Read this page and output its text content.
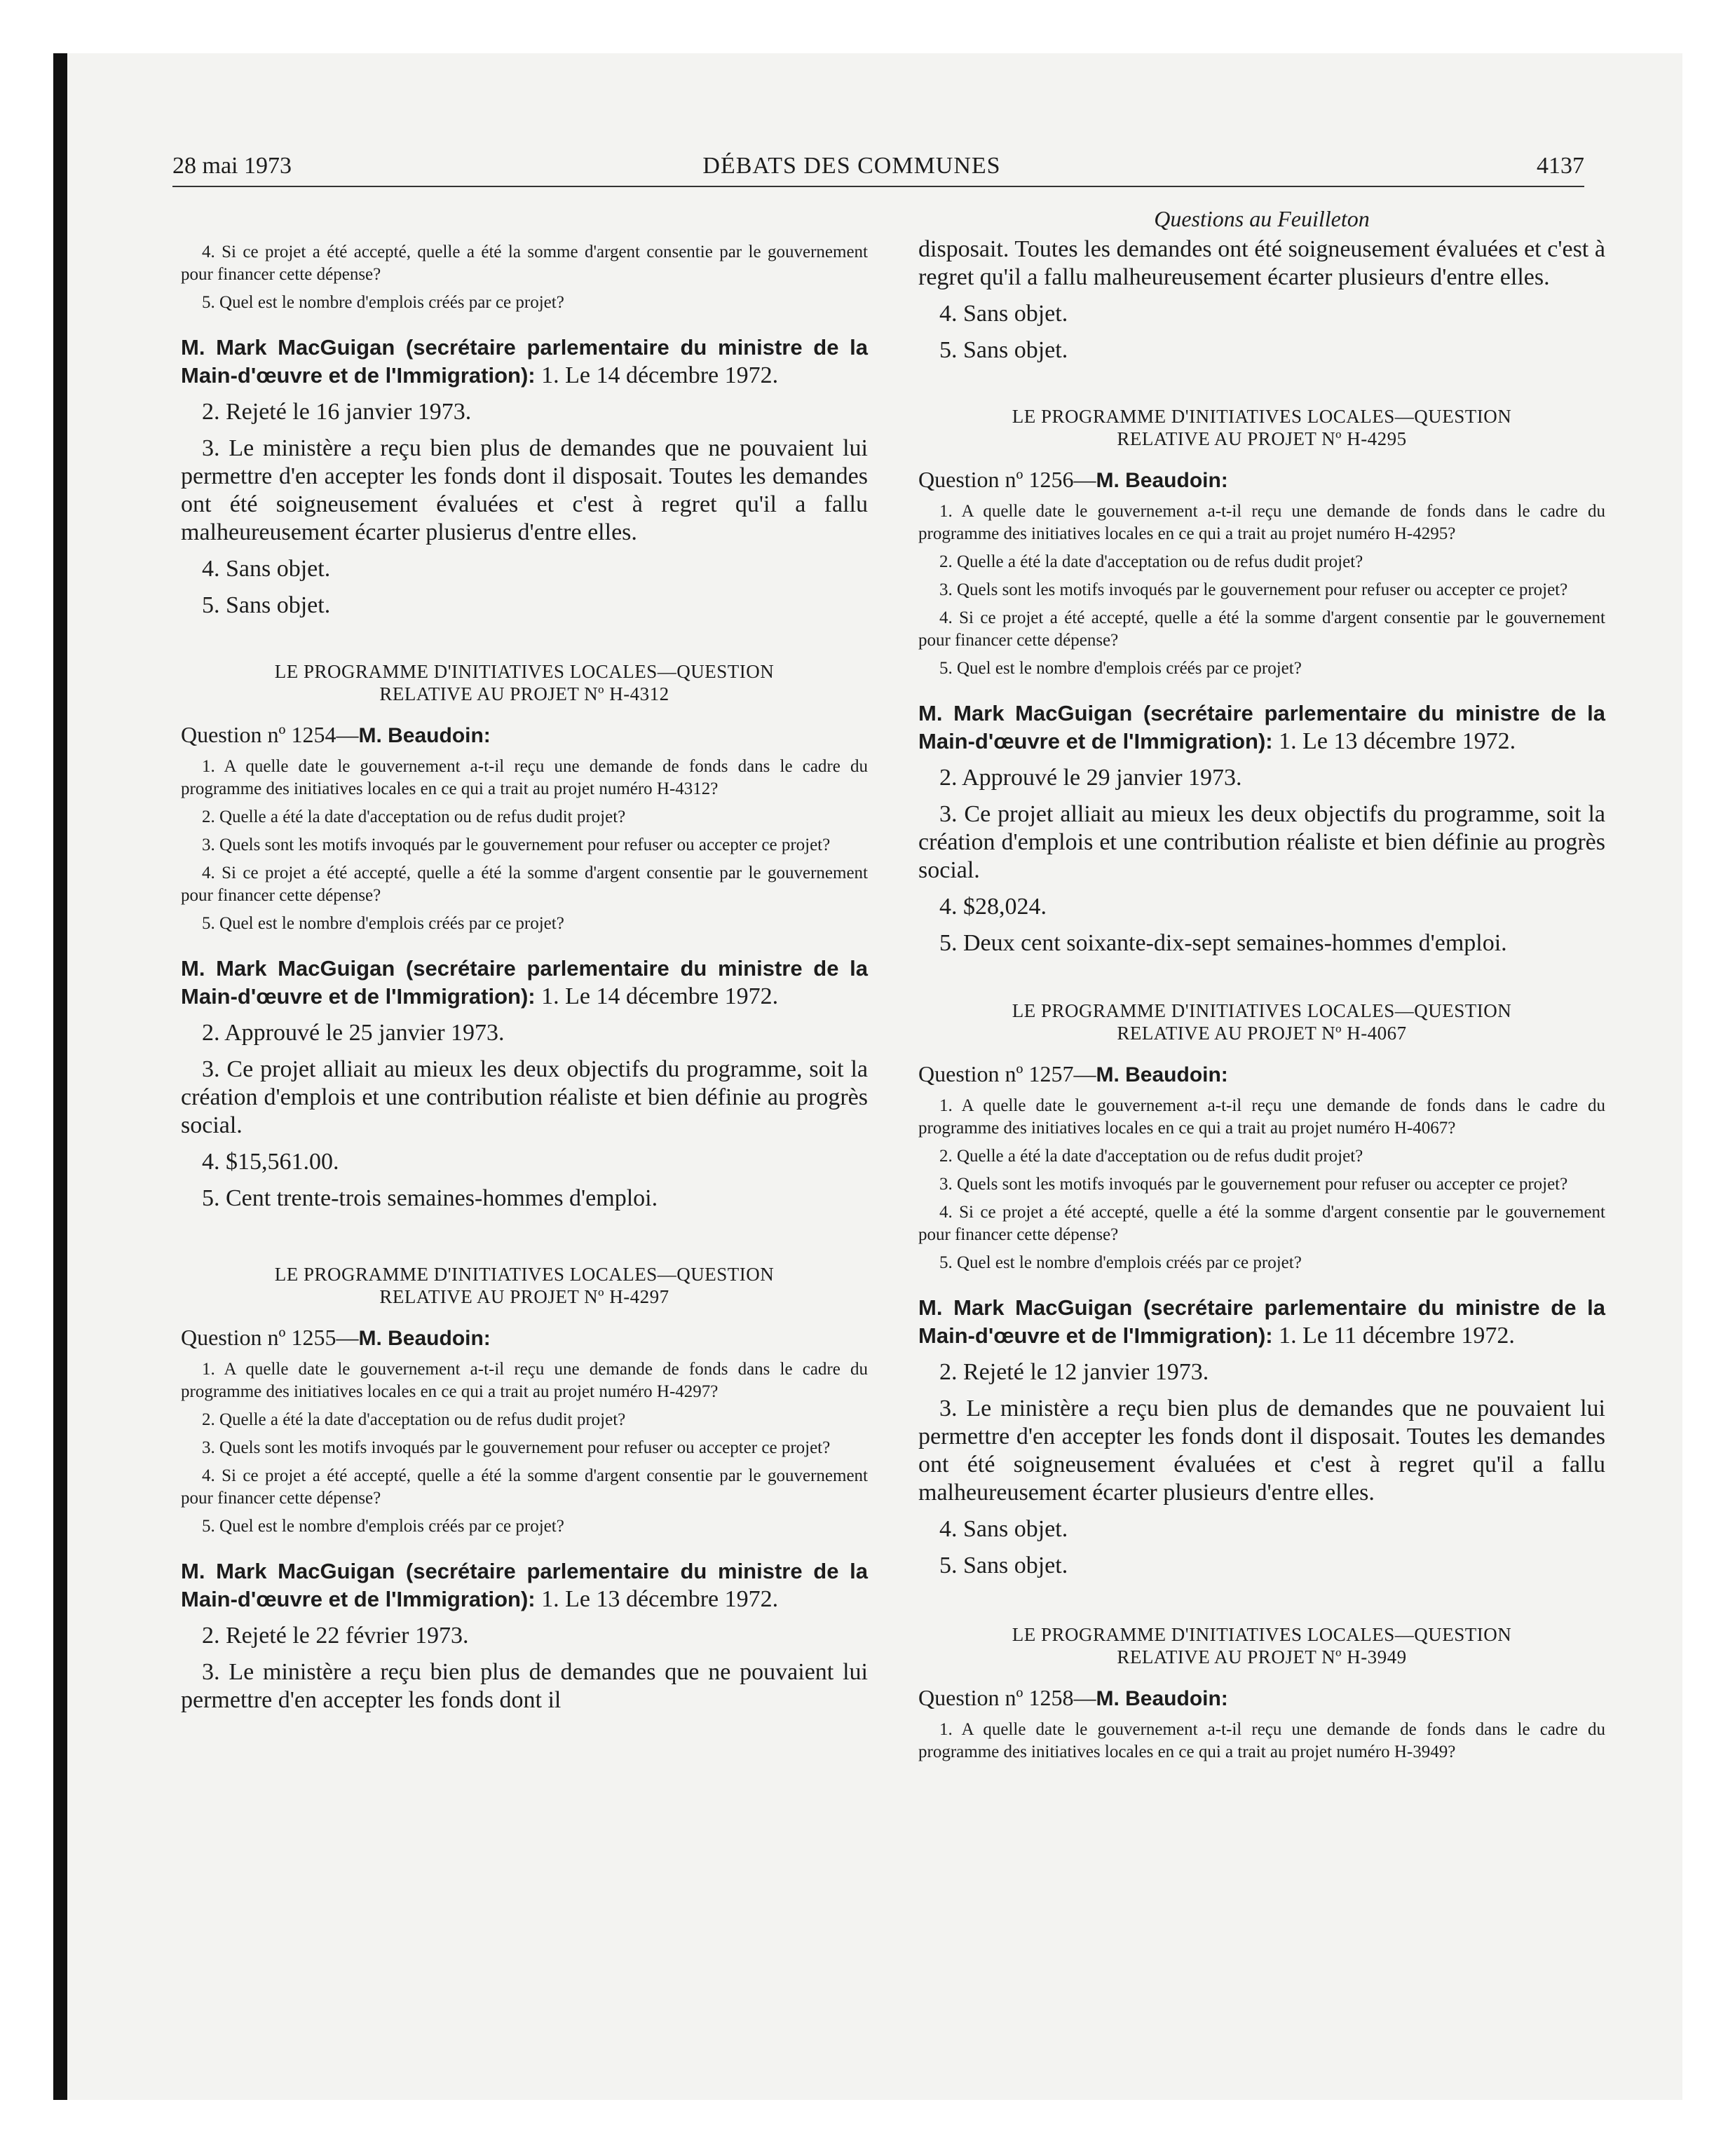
28 mai 1973	DÉBATS DES COMMUNES	4137

4. Si ce projet a été accepté, quelle a été la somme d'argent consentie par le gouvernement pour financer cette dépense?

5. Quel est le nombre d'emplois créés par ce projet?

M. Mark MacGuigan (secrétaire parlementaire du ministre de la Main-d'œuvre et de l'Immigration): 1. Le 14 décembre 1972.

2. Rejeté le 16 janvier 1973.

3. Le ministère a reçu bien plus de demandes que ne pouvaient lui permettre d'en accepter les fonds dont il disposait. Toutes les demandes ont été soigneusement évaluées et c'est à regret qu'il a fallu malheureusement écarter plusierus d'entre elles.

4. Sans objet.

5. Sans objet.

LE PROGRAMME D'INITIATIVES LOCALES—QUESTION
RELATIVE AU PROJET Nº H-4312

Question nº 1254—M. Beaudoin:

1. A quelle date le gouvernement a-t-il reçu une demande de fonds dans le cadre du programme des initiatives locales en ce qui a trait au projet numéro H-4312?

2. Quelle a été la date d'acceptation ou de refus dudit projet?

3. Quels sont les motifs invoqués par le gouvernement pour refuser ou accepter ce projet?

4. Si ce projet a été accepté, quelle a été la somme d'argent consentie par le gouvernement pour financer cette dépense?

5. Quel est le nombre d'emplois créés par ce projet?

M. Mark MacGuigan (secrétaire parlementaire du ministre de la Main-d'œuvre et de l'Immigration): 1. Le 14 décembre 1972.

2. Approuvé le 25 janvier 1973.

3. Ce projet alliait au mieux les deux objectifs du programme, soit la création d'emplois et une contribution réaliste et bien définie au progrès social.

4. $15,561.00.

5. Cent trente-trois semaines-hommes d'emploi.

LE PROGRAMME D'INITIATIVES LOCALES—QUESTION
RELATIVE AU PROJET Nº H-4297

Question nº 1255—M. Beaudoin:

1. A quelle date le gouvernement a-t-il reçu une demande de fonds dans le cadre du programme des initiatives locales en ce qui a trait au projet numéro H-4297?

2. Quelle a été la date d'acceptation ou de refus dudit projet?

3. Quels sont les motifs invoqués par le gouvernement pour refuser ou accepter ce projet?

4. Si ce projet a été accepté, quelle a été la somme d'argent consentie par le gouvernement pour financer cette dépense?

5. Quel est le nombre d'emplois créés par ce projet?

M. Mark MacGuigan (secrétaire parlementaire du ministre de la Main-d'œuvre et de l'Immigration): 1. Le 13 décembre 1972.

2. Rejeté le 22 février 1973.

3. Le ministère a reçu bien plus de demandes que ne pouvaient lui permettre d'en accepter les fonds dont il

Questions au Feuilleton

disposait. Toutes les demandes ont été soigneusement évaluées et c'est à regret qu'il a fallu malheureusement écarter plusieurs d'entre elles.

4. Sans objet.

5. Sans objet.

LE PROGRAMME D'INITIATIVES LOCALES—QUESTION
RELATIVE AU PROJET Nº H-4295

Question nº 1256—M. Beaudoin:

1. A quelle date le gouvernement a-t-il reçu une demande de fonds dans le cadre du programme des initiatives locales en ce qui a trait au projet numéro H-4295?

2. Quelle a été la date d'acceptation ou de refus dudit projet?

3. Quels sont les motifs invoqués par le gouvernement pour refuser ou accepter ce projet?

4. Si ce projet a été accepté, quelle a été la somme d'argent consentie par le gouvernement pour financer cette dépense?

5. Quel est le nombre d'emplois créés par ce projet?

M. Mark MacGuigan (secrétaire parlementaire du ministre de la Main-d'œuvre et de l'Immigration): 1. Le 13 décembre 1972.

2. Approuvé le 29 janvier 1973.

3. Ce projet alliait au mieux les deux objectifs du programme, soit la création d'emplois et une contribution réaliste et bien définie au progrès social.

4. $28,024.

5. Deux cent soixante-dix-sept semaines-hommes d'emploi.

LE PROGRAMME D'INITIATIVES LOCALES—QUESTION
RELATIVE AU PROJET Nº H-4067

Question nº 1257—M. Beaudoin:

1. A quelle date le gouvernement a-t-il reçu une demande de fonds dans le cadre du programme des initiatives locales en ce qui a trait au projet numéro H-4067?

2. Quelle a été la date d'acceptation ou de refus dudit projet?

3. Quels sont les motifs invoqués par le gouvernement pour refuser ou accepter ce projet?

4. Si ce projet a été accepté, quelle a été la somme d'argent consentie par le gouvernement pour financer cette dépense?

5. Quel est le nombre d'emplois créés par ce projet?

M. Mark MacGuigan (secrétaire parlementaire du ministre de la Main-d'œuvre et de l'Immigration): 1. Le 11 décembre 1972.

2. Rejeté le 12 janvier 1973.

3. Le ministère a reçu bien plus de demandes que ne pouvaient lui permettre d'en accepter les fonds dont il disposait. Toutes les demandes ont été soigneusement évaluées et c'est à regret qu'il a fallu malheureusement écarter plusieurs d'entre elles.

4. Sans objet.

5. Sans objet.

LE PROGRAMME D'INITIATIVES LOCALES—QUESTION
RELATIVE AU PROJET Nº H-3949

Question nº 1258—M. Beaudoin:

1. A quelle date le gouvernement a-t-il reçu une demande de fonds dans le cadre du programme des initiatives locales en ce qui a trait au projet numéro H-3949?
